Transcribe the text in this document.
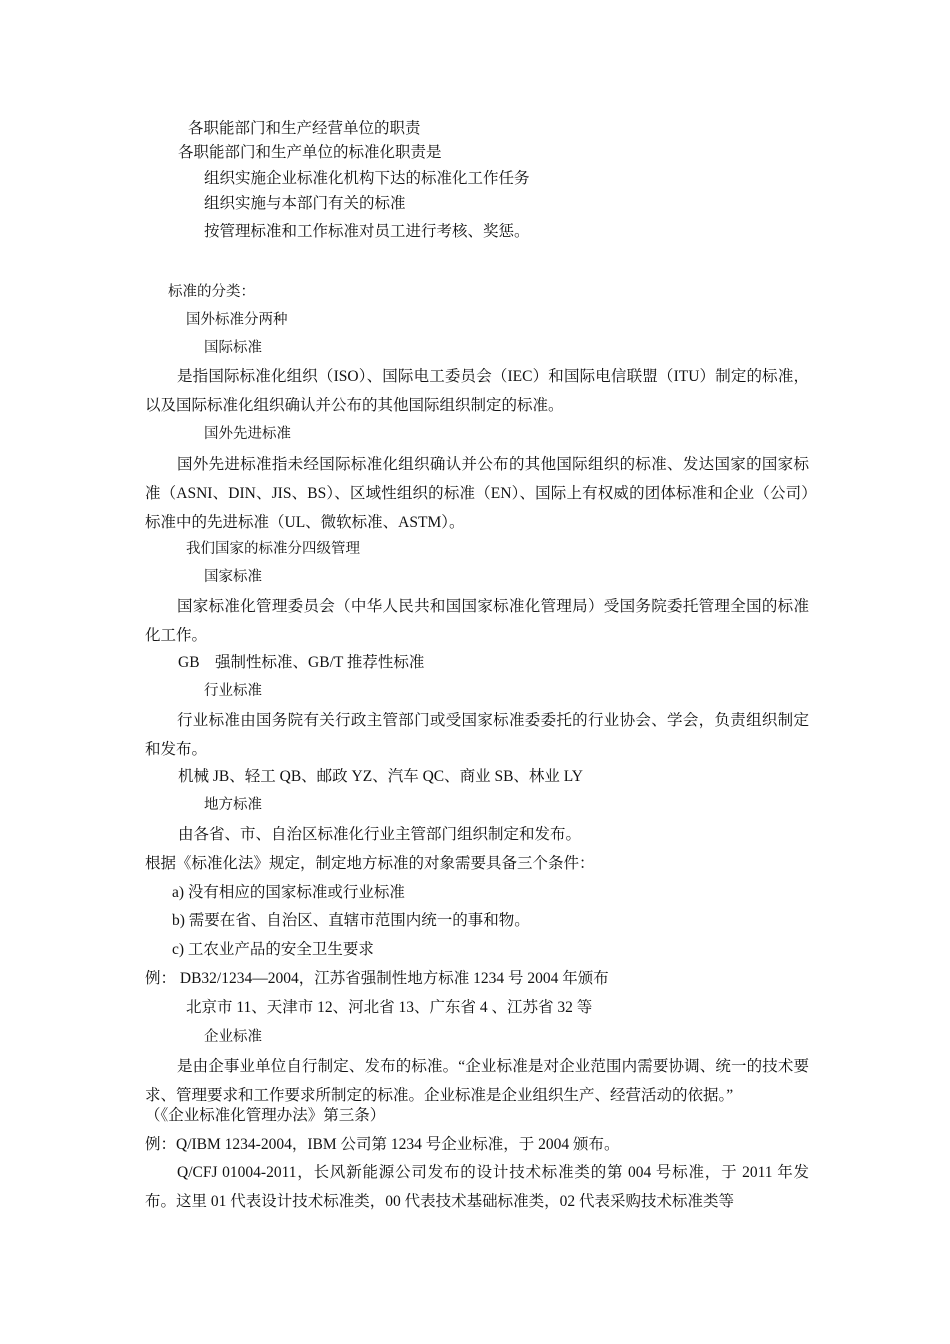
各职能部门和生产经营单位的职责
各职能部门和生产单位的标准化职责是
组织实施企业标准化机构下达的标准化工作任务
组织实施与本部门有关的标准
按管理标准和工作标准对员工进行考核、奖惩。
标准的分类：
国外标准分两种
国际标准
是指国际标准化组织（ISO）、国际电工委员会（IEC）和国际电信联盟（ITU）制定的标准，以及国际标准化组织确认并公布的其他国际组织制定的标准。
国外先进标准
国外先进标准指未经国际标准化组织确认并公布的其他国际组织的标准、发达国家的国家标准（ASNI、DIN、JIS、BS）、区域性组织的标准（EN）、国际上有权威的团体标准和企业（公司）标准中的先进标准（UL、微软标准、ASTM）。
我们国家的标准分四级管理
国家标准
国家标准化管理委员会（中华人民共和国国家标准化管理局）受国务院委托管理全国的标准化工作。
GB　强制性标准、GB/T 推荐性标准
行业标准
行业标准由国务院有关行政主管部门或受国家标准委委托的行业协会、学会，负责组织制定和发布。
机械 JB、轻工 QB、邮政 YZ、汽车 QC、商业 SB、林业 LY
地方标准
由各省、市、自治区标准化行业主管部门组织制定和发布。
根据《标准化法》规定，制定地方标准的对象需要具备三个条件：
a) 没有相应的国家标准或行业标准
b) 需要在省、自治区、直辖市范围内统一的事和物。
c) 工农业产品的安全卫生要求
例： DB32/1234—2004，江苏省强制性地方标准 1234 号 2004 年颁布
北京市 11、天津市 12、河北省 13、广东省 4 、江苏省 32 等
企业标准
是由企事业单位自行制定、发布的标准。“企业标准是对企业范围内需要协调、统一的技术要求、管理要求和工作要求所制定的标准。企业标准是企业组织生产、经营活动的依据。”
（《企业标准化管理办法》第三条）
例：Q/IBM 1234-2004，IBM 公司第 1234 号企业标准，于 2004 颁布。
Q/CFJ 01004-2011，长风新能源公司发布的设计技术标准类的第 004 号标准，于 2011 年发布。这里 01 代表设计技术标准类，00 代表技术基础标准类，02 代表采购技术标准类等
